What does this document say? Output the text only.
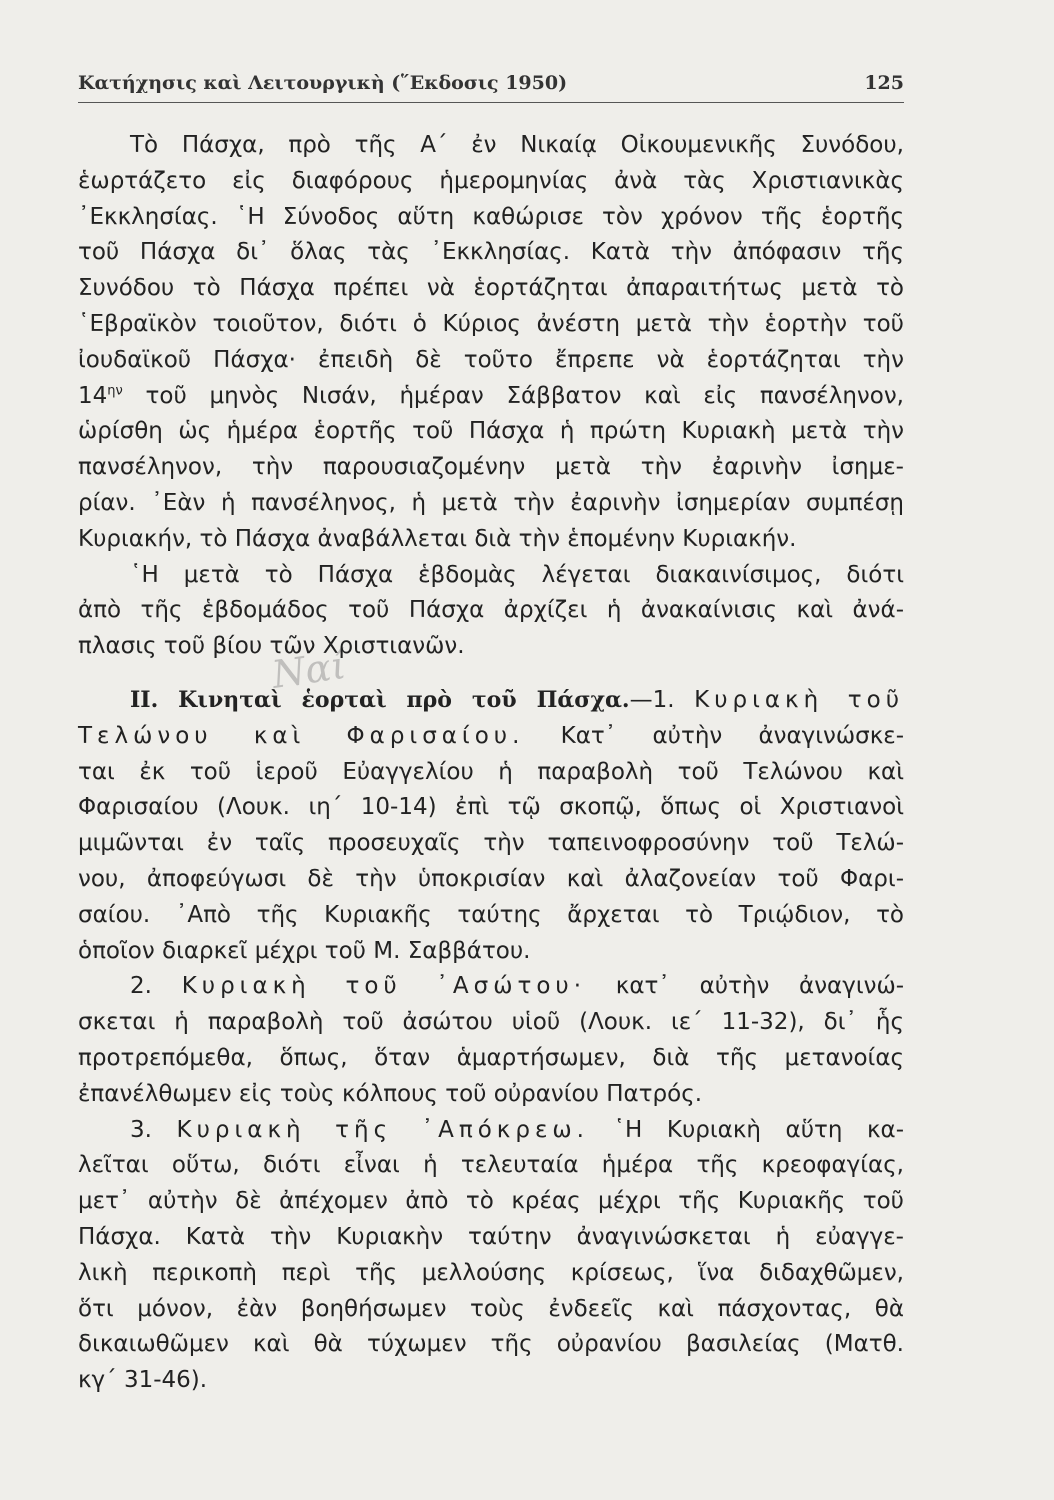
Κατήχησις καὶ Λειτουργικὴ (῞Εκδοσις 1950)	125
Ναί
Τὸ Πάσχα, πρὸ τῆς Α΄ ἐν Νικαίᾳ Οἰκουμενικῆς Συνόδου,
ἑωρτάζετο εἰς διαφόρους ἡμερομηνίας ἀνὰ τὰς Χριστιανικὰς
᾿Εκκλησίας. ῾Η Σύνοδος αὕτη καθώρισε τὸν χρόνον τῆς ἑορτῆς
τοῦ Πάσχα δι᾿ ὅλας τὰς ᾿Εκκλησίας. Κατὰ τὴν ἀπόφασιν τῆς
Συνόδου τὸ Πάσχα πρέπει νὰ ἑορτάζηται ἀπαραιτήτως μετὰ τὸ
῾Εβραϊκὸν τοιοῦτον, διότι ὁ Κύριος ἀνέστη μετὰ τὴν ἑορτὴν τοῦ
ἰουδαϊκοῦ Πάσχα· ἐπειδὴ δὲ τοῦτο ἔπρεπε νὰ ἑορτάζηται τὴν
$14^{\eta\nu}$ τοῦ μηνὸς Νισάν, ἡμέραν Σάββατον καὶ εἰς πανσέληνον,
ὡρίσθη ὡς ἡμέρα ἑορτῆς τοῦ Πάσχα ἡ πρώτη Κυριακὴ μετὰ τὴν
πανσέληνον, τὴν παρουσιαζομένην μετὰ τὴν ἐαρινὴν ἰσημε-
ρίαν. ᾿Εὰν ἡ πανσέληνος, ἡ μετὰ τὴν ἐαρινὴν ἰσημερίαν συμπέσῃ
Κυριακήν, τὸ Πάσχα ἀναβάλλεται διὰ τὴν ἑπομένην Κυριακήν.
῾Η μετὰ τὸ Πάσχα ἑβδομὰς λέγεται διακαινίσιμος, διότι
ἀπὸ τῆς ἑβδομάδος τοῦ Πάσχα ἀρχίζει ἡ ἀνακαίνισις καὶ ἀνά-
πλασις τοῦ βίου τῶν Χριστιανῶν.
ΙΙ. Κινηταὶ ἑορταὶ πρὸ τοῦ Πάσχα.—1. Κυριακὴ τοῦ
Τελώνου καὶ Φαρισαίου. Κατ᾿ αὐτὴν ἀναγινώσκε-
ται ἐκ τοῦ ἱεροῦ Εὐαγγελίου ἡ παραβολὴ τοῦ Τελώνου καὶ
Φαρισαίου (Λουκ. ιη΄ 10-14) ἐπὶ τῷ σκοπῷ, ὅπως οἱ Χριστιανοὶ
μιμῶνται ἐν ταῖς προσευχαῖς τὴν ταπεινοφροσύνην τοῦ Τελώ-
νου, ἀποφεύγωσι δὲ τὴν ὑποκρισίαν καὶ ἀλαζονείαν τοῦ Φαρι-
σαίου. ᾿Απὸ τῆς Κυριακῆς ταύτης ἄρχεται τὸ Τριῴδιον, τὸ
ὁποῖον διαρκεῖ μέχρι τοῦ Μ. Σαββάτου.
2. Κυριακὴ τοῦ ᾿Ασώτου· κατ᾿ αὐτὴν ἀναγινώ-
σκεται ἡ παραβολὴ τοῦ ἀσώτου υἱοῦ (Λουκ. ιε΄ 11-32), δι᾿ ἧς
προτρεπόμεθα, ὅπως, ὅταν ἁμαρτήσωμεν, διὰ τῆς μετανοίας
ἐπανέλθωμεν εἰς τοὺς κόλπους τοῦ οὐρανίου Πατρός.
3. Κυριακὴ τῆς ᾿Απόκρεω. ῾Η Κυριακὴ αὕτη κα-
λεῖται οὕτω, διότι εἶναι ἡ τελευταία ἡμέρα τῆς κρεοφαγίας,
μετ᾿ αὐτὴν δὲ ἀπέχομεν ἀπὸ τὸ κρέας μέχρι τῆς Κυριακῆς τοῦ
Πάσχα. Κατὰ τὴν Κυριακὴν ταύτην ἀναγινώσκεται ἡ εὐαγγε-
λικὴ περικοπὴ περὶ τῆς μελλούσης κρίσεως, ἵνα διδαχθῶμεν,
ὅτι μόνον, ἐὰν βοηθήσωμεν τοὺς ἐνδεεῖς καὶ πάσχοντας, θὰ
δικαιωθῶμεν καὶ θὰ τύχωμεν τῆς οὐρανίου βασιλείας (Ματθ.
κγ΄ 31-46).
